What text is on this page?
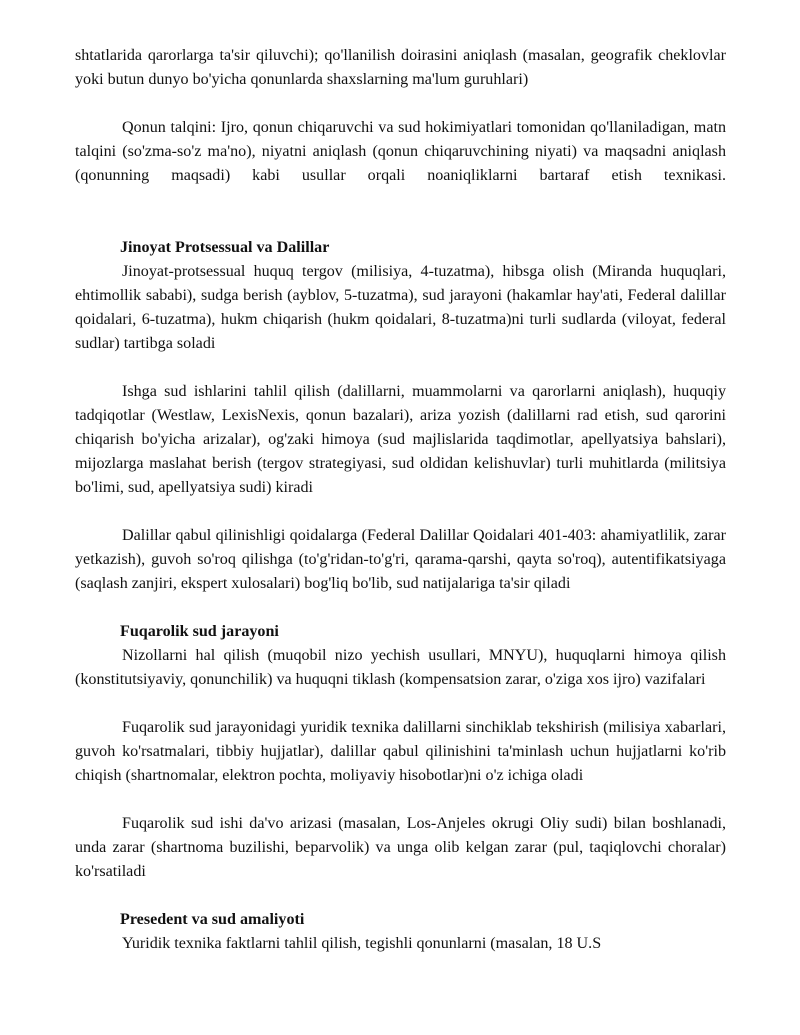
shtatlarida qarorlarga ta'sir qiluvchi); qo'llanilish doirasini aniqlash (masalan, geografik cheklovlar yoki butun dunyo bo'yicha qonunlarda shaxslarning ma'lum guruhlari)

Qonun talqini: Ijro, qonun chiqaruvchi va sud hokimiyatlari tomonidan qo'llaniladigan, matn talqini (so'zma-so'z ma'no), niyatni aniqlash (qonun chiqaruvchining niyati) va maqsadni aniqlash (qonunning maqsadi) kabi usullar orqali noaniqliklarni bartaraf etish texnikasi.

Jinoyat Protsessual va Dalillar

Jinoyat-protsessual huquq tergov (milisiya, 4-tuzatma), hibsga olish (Miranda huquqlari, ehtimollik sababi), sudga berish (ayblov, 5-tuzatma), sud jarayoni (hakamlar hay'ati, Federal dalillar qoidalari, 6-tuzatma), hukm chiqarish (hukm qoidalari, 8-tuzatma)ni turli sudlarda (viloyat, federal sudlar) tartibga soladi

Ishga sud ishlarini tahlil qilish (dalillarni, muammolarni va qarorlarni aniqlash), huquqiy tadqiqotlar (Westlaw, LexisNexis, qonun bazalari), ariza yozish (dalillarni rad etish, sud qarorini chiqarish bo'yicha arizalar), og'zaki himoya (sud majlislarida taqdimotlar, apellyatsiya bahslari), mijozlarga maslahat berish (tergov strategiyasi, sud oldidan kelishuvlar) turli muhitlarda (militsiya bo'limi, sud, apellyatsiya sudi) kiradi

Dalillar qabul qilinishligi qoidalarga (Federal Dalillar Qoidalari 401-403: ahamiyatlilik, zarar yetkazish), guvoh so'roq qilishga (to'g'ridan-to'g'ri, qarama-qarshi, qayta so'roq), autentifikatsiyaga (saqlash zanjiri, ekspert xulosalari) bog'liq bo'lib, sud natijalariga ta'sir qiladi

Fuqarolik sud jarayoni

Nizollarni hal qilish (muqobil nizo yechish usullari, MNYU), huquqlarni himoya qilish (konstitutsiyaviy, qonunchilik) va huquqni tiklash (kompensatsion zarar, o'ziga xos ijro) vazifalari

Fuqarolik sud jarayonidagi yuridik texnika dalillarni sinchiklab tekshirish (milisiya xabarlari, guvoh ko'rsatmalari, tibbiy hujjatlar), dalillar qabul qilinishini ta'minlash uchun hujjatlarni ko'rib chiqish (shartnomalar, elektron pochta, moliyaviy hisobotlar)ni o'z ichiga oladi

Fuqarolik sud ishi da'vo arizasi (masalan, Los-Anjeles okrugi Oliy sudi) bilan boshlanadi, unda zarar (shartnoma buzilishi, beparvolik) va unga olib kelgan zarar (pul, taqiqlovchi choralar) ko'rsatiladi

Presedent va sud amaliyoti

Yuridik texnika faktlarni tahlil qilish, tegishli qonunlarni (masalan, 18 U.S
